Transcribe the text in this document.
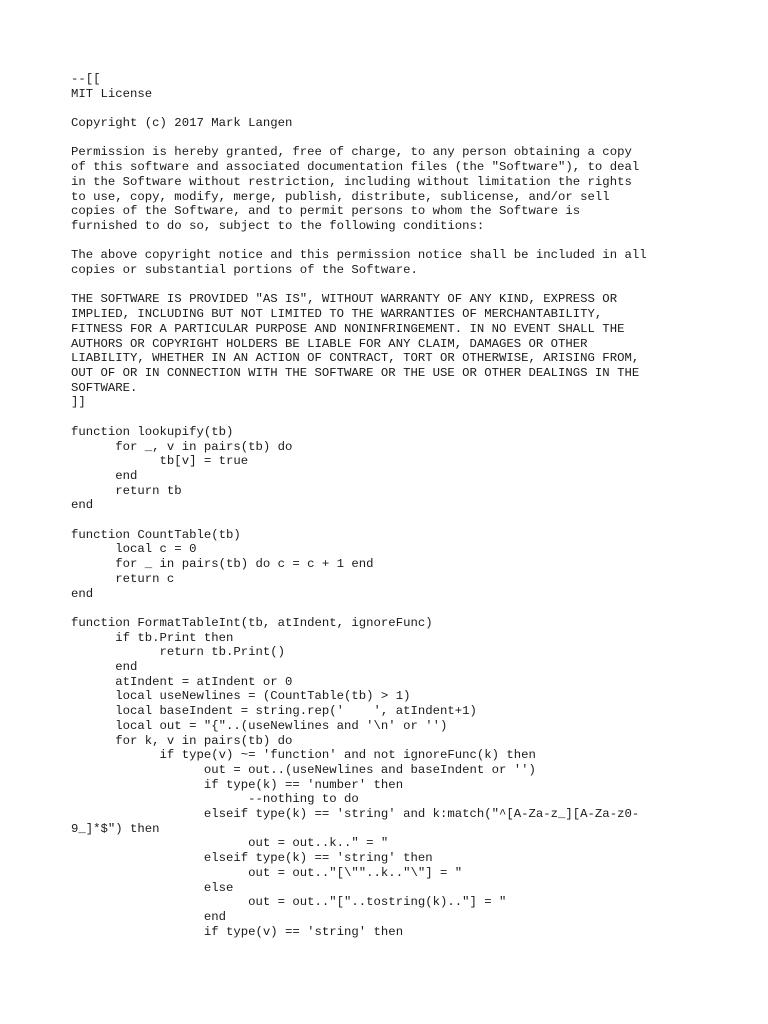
--[[
MIT License
Copyright (c) 2017 Mark Langen
Permission is hereby granted, free of charge, to any person obtaining a copy
of this software and associated documentation files (the "Software"), to deal
in the Software without restriction, including without limitation the rights
to use, copy, modify, merge, publish, distribute, sublicense, and/or sell
copies of the Software, and to permit persons to whom the Software is
furnished to do so, subject to the following conditions:
The above copyright notice and this permission notice shall be included in all
copies or substantial portions of the Software.
THE SOFTWARE IS PROVIDED "AS IS", WITHOUT WARRANTY OF ANY KIND, EXPRESS OR
IMPLIED, INCLUDING BUT NOT LIMITED TO THE WARRANTIES OF MERCHANTABILITY,
FITNESS FOR A PARTICULAR PURPOSE AND NONINFRINGEMENT. IN NO EVENT SHALL THE
AUTHORS OR COPYRIGHT HOLDERS BE LIABLE FOR ANY CLAIM, DAMAGES OR OTHER
LIABILITY, WHETHER IN AN ACTION OF CONTRACT, TORT OR OTHERWISE, ARISING FROM,
OUT OF OR IN CONNECTION WITH THE SOFTWARE OR THE USE OR OTHER DEALINGS IN THE
SOFTWARE.
]]
function lookupify(tb)
for _, v in pairs(tb) do
tb[v] = true
end
return tb
end
function CountTable(tb)
local c = 0
for _ in pairs(tb) do c = c + 1 end
return c
end
function FormatTableInt(tb, atIndent, ignoreFunc)
if tb.Print then
return tb.Print()
end
atIndent = atIndent or 0
local useNewlines = (CountTable(tb) > 1)
local baseIndent = string.rep('    ', atIndent+1)
local out = "{"..(useNewlines and '\n' or '')
for k, v in pairs(tb) do
if type(v) ~= 'function' and not ignoreFunc(k) then
out = out..(useNewlines and baseIndent or '')
if type(k) == 'number' then
--nothing to do
elseif type(k) == 'string' and k:match("^[A-Za-z_][A-Za-z0-
9_]*$") then
out = out..k.." = "
elseif type(k) == 'string' then
out = out.."[\""..k.."\"] = "
else
out = out.."["..tostring(k).."] = "
end
if type(v) == 'string' then
